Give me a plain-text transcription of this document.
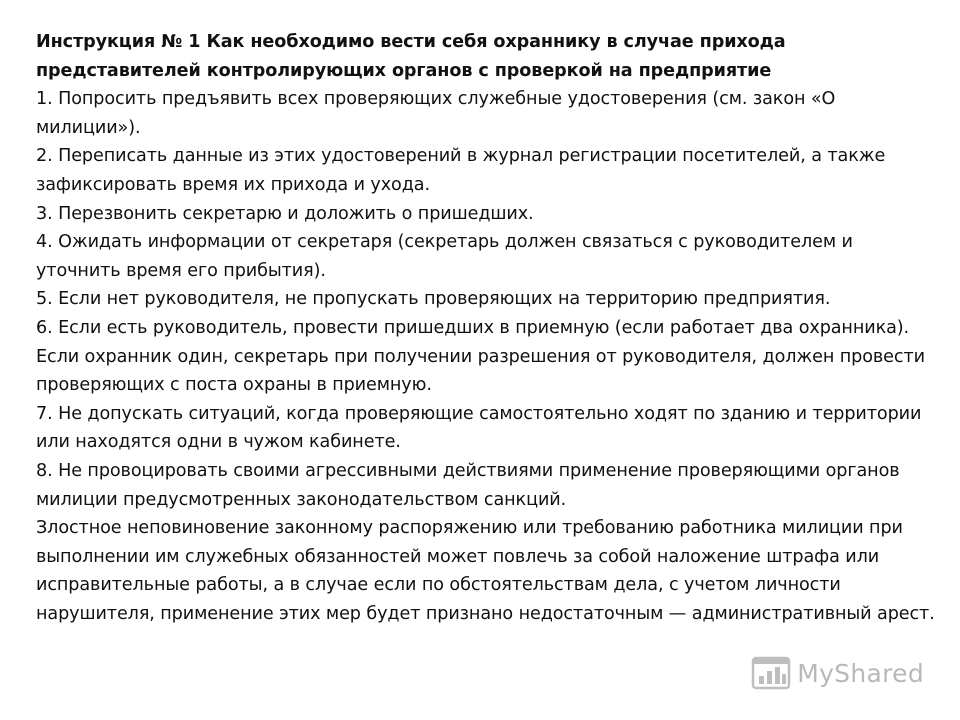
Инструкция № 1 Как необходимо вести себя охраннику в случае прихода представителей контролирующих органов с проверкой на предприятие

1. Попросить предъявить всех проверяющих служебные удостоверения (см. закон «О милиции»).

2. Переписать данные из этих удостоверений в журнал регистрации посетителей, а также зафиксировать время их прихода и ухода.

3. Перезвонить секретарю и доложить о пришедших.

4. Ожидать информации от секретаря (секретарь должен связаться с руководителем и уточнить время его прибытия).

5. Если нет руководителя, не пропускать проверяющих на территорию предприятия.

6. Если есть руководитель, провести пришедших в приемную (если работает два охранника). Если охранник один, секретарь при получении разрешения от руководителя, должен провести проверяющих с поста охраны в приемную.

7. Не допускать ситуаций, когда проверяющие самостоятельно ходят по зданию и территории или находятся одни в чужом кабинете.

8. Не провоцировать своими агрессивными действиями применение проверяющими органов милиции предусмотренных законодательством санкций.

Злостное неповиновение законному распоряжению или требованию работника милиции при выполнении им служебных обязанностей может повлечь за собой наложение штрафа или исправительные работы, а в случае если по обстоятельствам дела, с учетом личности нарушителя, применение этих мер будет признано недостаточным — административный арест.

MyShared
